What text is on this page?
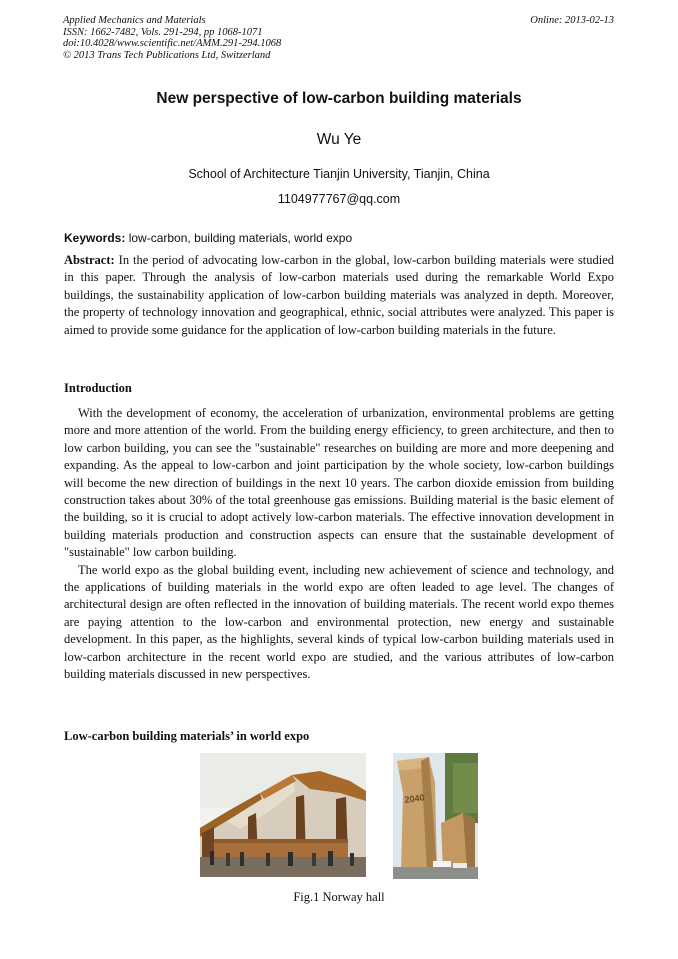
Applied Mechanics and Materials
ISSN: 1662-7482, Vols. 291-294, pp 1068-1071
doi:10.4028/www.scientific.net/AMM.291-294.1068
© 2013 Trans Tech Publications Ltd, Switzerland
Online: 2013-02-13
New perspective of low-carbon building materials
Wu Ye
School of Architecture Tianjin University, Tianjin, China
1104977767@qq.com
Keywords: low-carbon, building materials, world expo

Abstract: In the period of advocating low-carbon in the global, low-carbon building materials were studied in this paper. Through the analysis of low-carbon materials used during the remarkable World Expo buildings, the sustainability application of low-carbon building materials was analyzed in depth. Moreover, the property of technology innovation and geographical, ethnic, social attributes were analyzed. This paper is aimed to provide some guidance for the application of low-carbon building materials in the future.

Introduction

With the development of economy, the acceleration of urbanization, environmental problems are getting more and more attention of the world. From the building energy efficiency, to green architecture, and then to low carbon building, you can see the "sustainable" researches on building are more and more deepening and expanding. As the appeal to low-carbon and joint participation by the whole society, low-carbon buildings will become the new direction of buildings in the next 10 years. The carbon dioxide emission from building construction takes about 30% of the total greenhouse gas emissions. Building material is the basic element of the building, so it is crucial to adopt actively low-carbon materials. The effective innovation development in building materials production and construction aspects can ensure that the sustainable development of "sustainable" low carbon building.

The world expo as the global building event, including new achievement of science and technology, and the applications of building materials in the world expo are often leaded to age level. The changes of architectural design are often reflected in the innovation of building materials. The recent world expo themes are paying attention to the low-carbon and environmental protection, new energy and sustainable development. In this paper, as the highlights, several kinds of typical low-carbon building materials used in low-carbon architecture in the recent world expo are studied, and the various attributes of low-carbon building materials discussed in new perspectives.

Low-carbon building materials’ in world expo
2040
Fig.1 Norway hall
